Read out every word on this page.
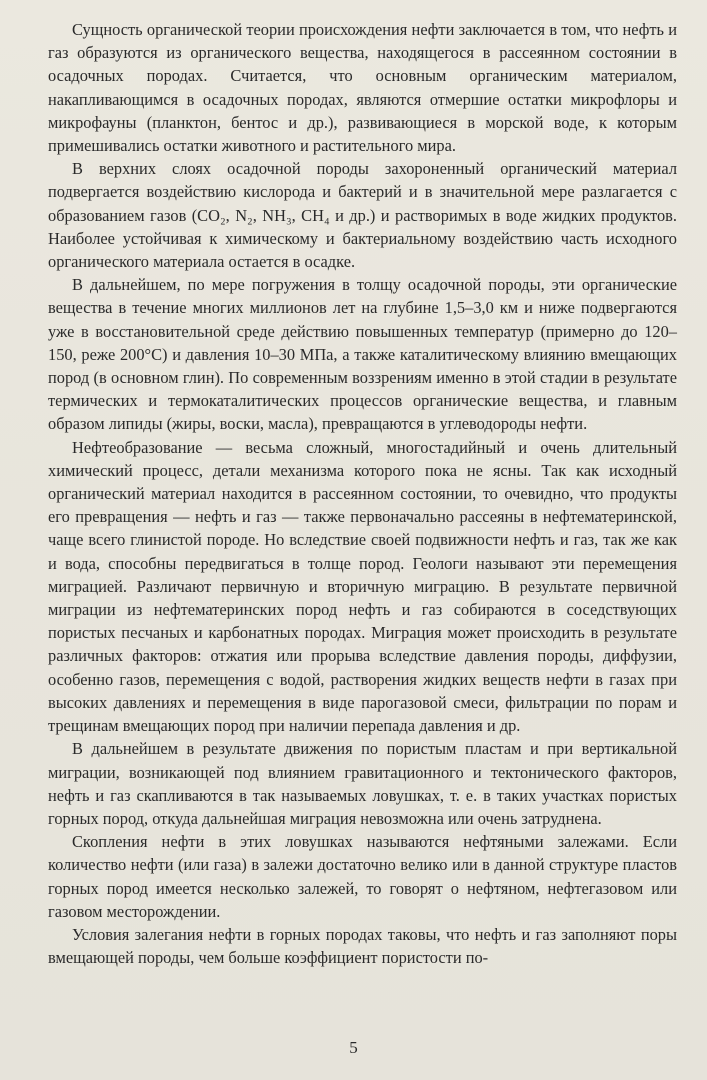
Сущность органической теории происхождения нефти заключается в том, что нефть и газ образуются из органического вещества, находящегося в рассеянном состоянии в осадочных породах. Считается, что основным органическим материалом, накапливающимся в осадочных породах, являются отмершие остатки микрофлоры и микрофауны (планктон, бентос и др.), развивающиеся в морской воде, к которым примешивались остатки животного и растительного мира.

В верхних слоях осадочной породы захороненный органический материал подвергается воздействию кислорода и бактерий и в значительной мере разлагается с образованием газов (CO₂, N₂, NH₃, CH₄ и др.) и растворимых в воде жидких продуктов. Наиболее устойчивая к химическому и бактериальному воздействию часть исходного органического материала остается в осадке.

В дальнейшем, по мере погружения в толщу осадочной породы, эти органические вещества в течение многих миллионов лет на глубине 1,5–3,0 км и ниже подвергаются уже в восстановительной среде действию повышенных температур (примерно до 120–150, реже 200°C) и давления 10–30 МПа, а также каталитическому влиянию вмещающих пород (в основном глин). По современным воззрениям именно в этой стадии в результате термических и термокаталитических процессов органические вещества, и главным образом липиды (жиры, воски, масла), превращаются в углеводороды нефти.

Нефтеобразование — весьма сложный, многостадийный и очень длительный химический процесс, детали механизма которого пока не ясны. Так как исходный органический материал находится в рассеянном состоянии, то очевидно, что продукты его превращения — нефть и газ — также первоначально рассеяны в нефтематеринской, чаще всего глинистой породе. Но вследствие своей подвижности нефть и газ, так же как и вода, способны передвигаться в толще пород. Геологи называют эти перемещения миграцией. Различают первичную и вторичную миграцию. В результате первичной миграции из нефтематеринских пород нефть и газ собираются в соседствующих пористых песчаных и карбонатных породах. Миграция может происходить в результате различных факторов: отжатия или прорыва вследствие давления породы, диффузии, особенно газов, перемещения с водой, растворения жидких веществ нефти в газах при высоких давлениях и перемещения в виде парогазовой смеси, фильтрации по порам и трещинам вмещающих пород при наличии перепада давления и др.

В дальнейшем в результате движения по пористым пластам и при вертикальной миграции, возникающей под влиянием гравитационного и тектонического факторов, нефть и газ скапливаются в так называемых ловушках, т. е. в таких участках пористых горных пород, откуда дальнейшая миграция невозможна или очень затруднена.

Скопления нефти в этих ловушках называются нефтяными залежами. Если количество нефти (или газа) в залежи достаточно велико или в данной структуре пластов горных пород имеется несколько залежей, то говорят о нефтяном, нефтегазовом или газовом месторождении.

Условия залегания нефти в горных породах таковы, что нефть и газ заполняют поры вмещающей породы, чем больше коэффициент пористости по-

5
